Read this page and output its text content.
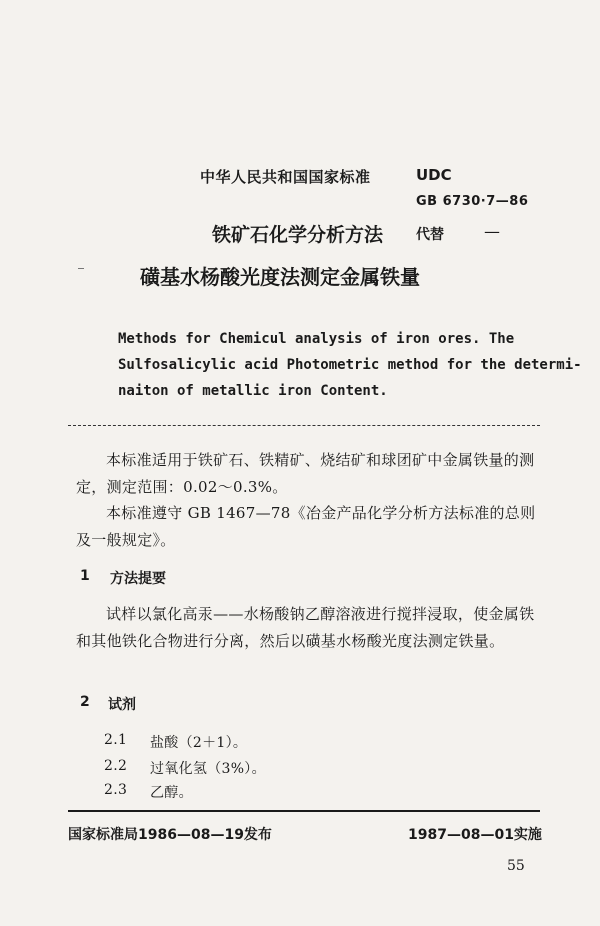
中华人民共和国国家标准	UDC
GB 6730·7—86
铁矿石化学分析方法 代替	—
磺基水杨酸光度法测定金属铁量
Methods for Chemicul analysis of iron ores. The
Sulfosalicylic acid Photometric method for the determi-
naiton of metallic iron Content.
本标准适用于铁矿石、铁精矿、烧结矿和球团矿中金属铁量的测定，测定范围：0.02～0.3%。
本标准遵守 GB 1467—78《冶金产品化学分析方法标准的总则及一般规定》。
1 方法提要
试样以氯化高汞——水杨酸钠乙醇溶液进行搅拌浸取，使金属铁和其他铁化合物进行分离，然后以磺基水杨酸光度法测定铁量。
2 试剂
2.1 盐酸（2＋1）。
2.2 过氧化氢（3%）。
2.3 乙醇。
国家标准局1986—08—19发布	1987—08—01实施
55
